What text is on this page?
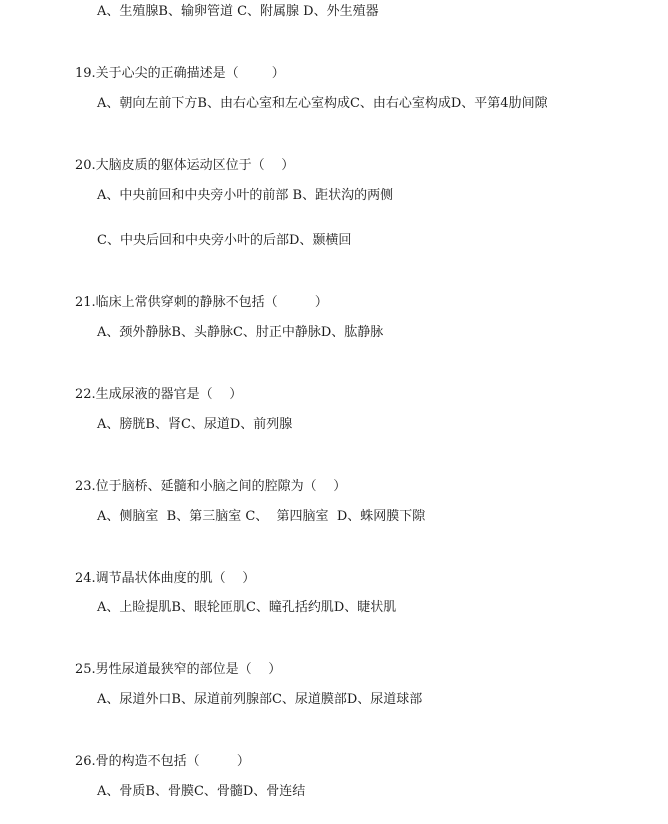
A、生殖腺B、输卵管道 C、附属腺 D、外生殖器
19.关于心尖的正确描述是（        ）
A、朝向左前下方B、由右心室和左心室构成C、由右心室构成D、平第4肋间隙
20.大脑皮质的躯体运动区位于（    ）
A、中央前回和中央旁小叶的前部 B、距状沟的两侧
C、中央后回和中央旁小叶的后部D、颞横回
21.临床上常供穿刺的静脉不包括（         ）
A、颈外静脉B、头静脉C、肘正中静脉D、肱静脉
22.生成尿液的器官是（    ）
A、膀胱B、肾C、尿道D、前列腺
23.位于脑桥、延髓和小脑之间的腔隙为（    ）
A、侧脑室  B、第三脑室 C、  第四脑室  D、蛛网膜下隙
24.调节晶状体曲度的肌（    ）
A、上睑提肌B、眼轮匝肌C、瞳孔括约肌D、睫状肌
25.男性尿道最狭窄的部位是（    ）
A、尿道外口B、尿道前列腺部C、尿道膜部D、尿道球部
26.骨的构造不包括（         ）
A、骨质B、骨膜C、骨髓D、骨连结
